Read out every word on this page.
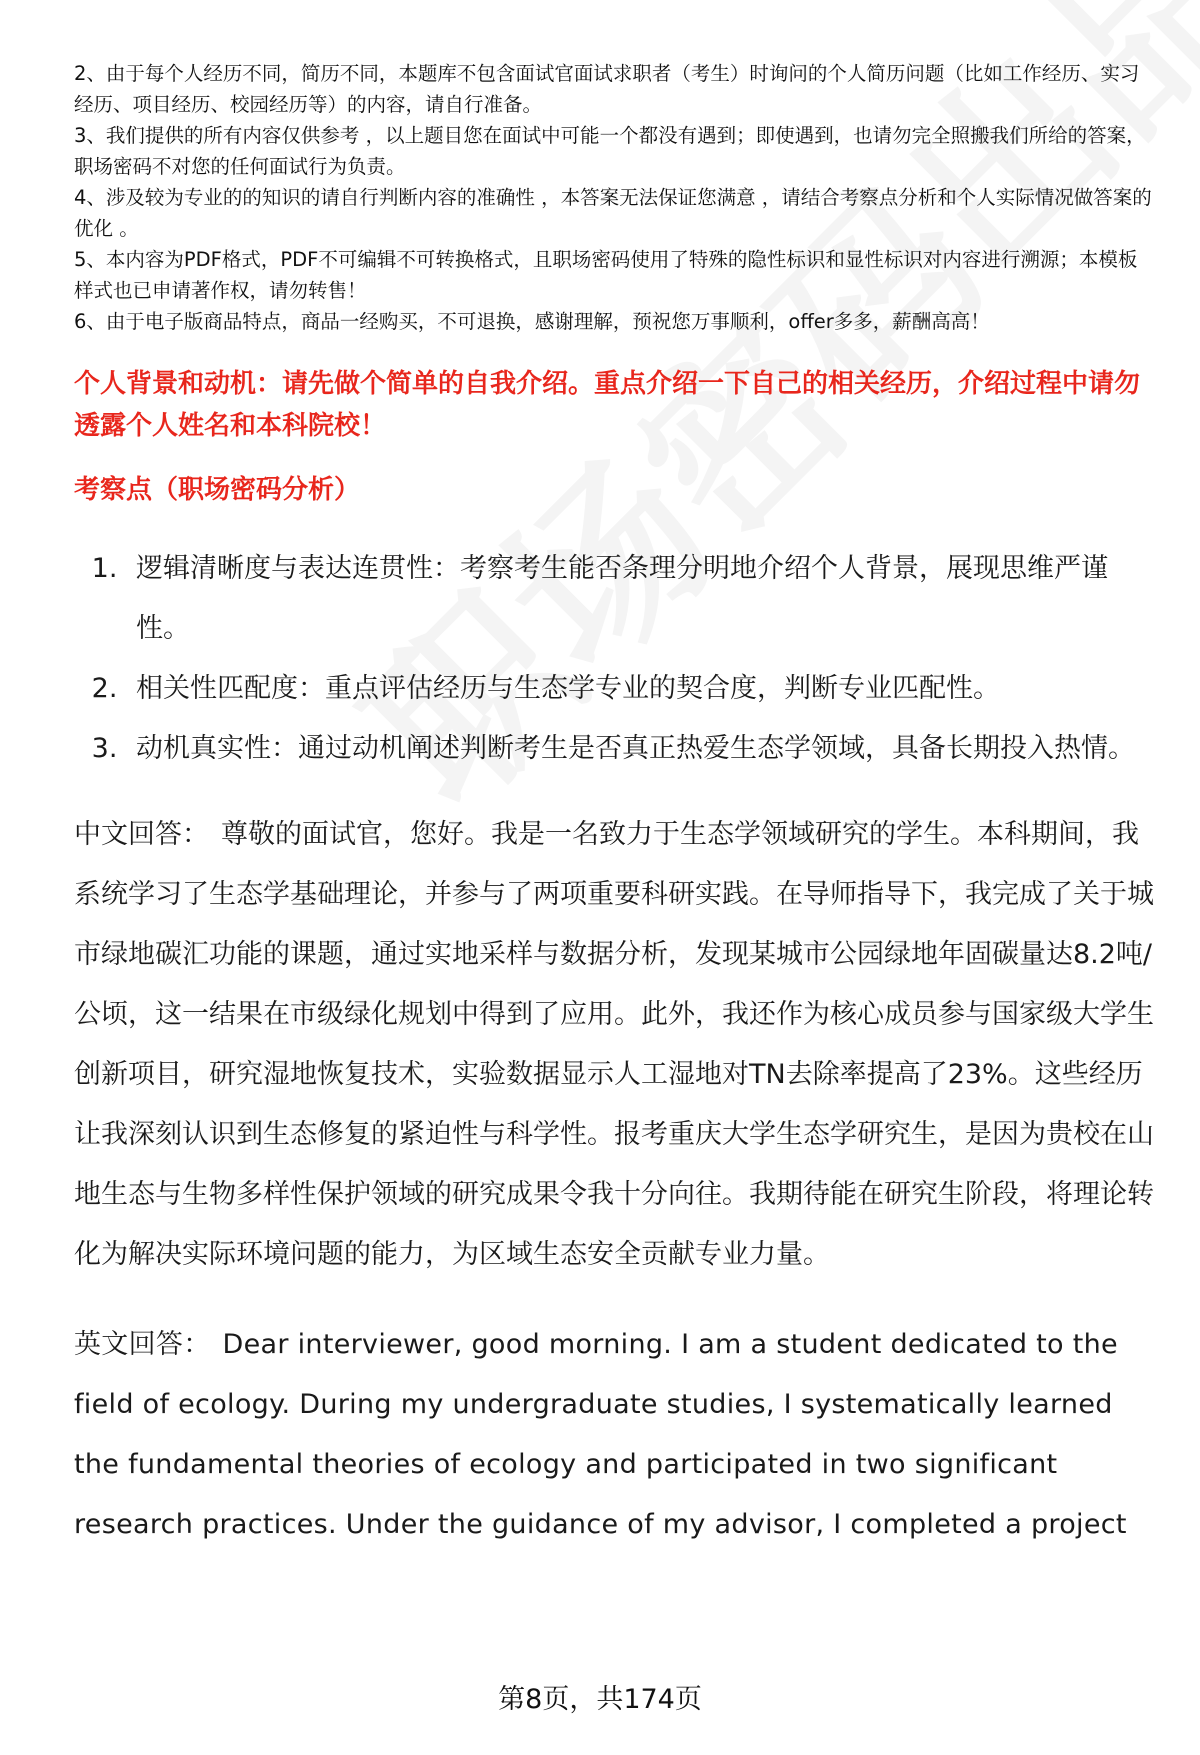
2、由于每个人经历不同，简历不同，本题库不包含面试官面试求职者（考生）时询问的个人简历问题（比如工作经历、实习经历、项目经历、校园经历等）的内容，请自行准备。

3、我们提供的所有内容仅供参考 ，以上题目您在面试中可能一个都没有遇到；即使遇到，也请勿完全照搬我们所给的答案，职场密码不对您的任何面试行为负责。

4、涉及较为专业的的知识的请自行判断内容的准确性 ，本答案无法保证您满意 ，请结合考察点分析和个人实际情况做答案的优化 。

5、本内容为PDF格式，PDF不可编辑不可转换格式，且职场密码使用了特殊的隐性标识和显性标识对内容进行溯源；本模板样式也已申请著作权，请勿转售！

6、由于电子版商品特点，商品一经购买，不可退换，感谢理解，预祝您万事顺利，offer多多，薪酬高高！

个人背景和动机：请先做个简单的自我介绍。重点介绍一下自己的相关经历，介绍过程中请勿透露个人姓名和本科院校！

考察点（职场密码分析）

1. 逻辑清晰度与表达连贯性：考察考生能否条理分明地介绍个人背景，展现思维严谨性。
2. 相关性匹配度：重点评估经历与生态学专业的契合度，判断专业匹配性。
3. 动机真实性：通过动机阐述判断考生是否真正热爱生态学领域，具备长期投入热情。

中文回答： 尊敬的面试官，您好。我是一名致力于生态学领域研究的学生。本科期间，我系统学习了生态学基础理论，并参与了两项重要科研实践。在导师指导下，我完成了关于城市绿地碳汇功能的课题，通过实地采样与数据分析，发现某城市公园绿地年固碳量达8.2吨/公顷，这一结果在市级绿化规划中得到了应用。此外，我还作为核心成员参与国家级大学生创新项目，研究湿地恢复技术，实验数据显示人工湿地对TN去除率提高了23%。这些经历让我深刻认识到生态修复的紧迫性与科学性。报考重庆大学生态学研究生，是因为贵校在山地生态与生物多样性保护领域的研究成果令我十分向往。我期待能在研究生阶段，将理论转化为解决实际环境问题的能力，为区域生态安全贡献专业力量。

英文回答： Dear interviewer, good morning. I am a student dedicated to the field of ecology. During my undergraduate studies, I systematically learned the fundamental theories of ecology and participated in two significant research practices. Under the guidance of my advisor, I completed a project

第8页，共174页
